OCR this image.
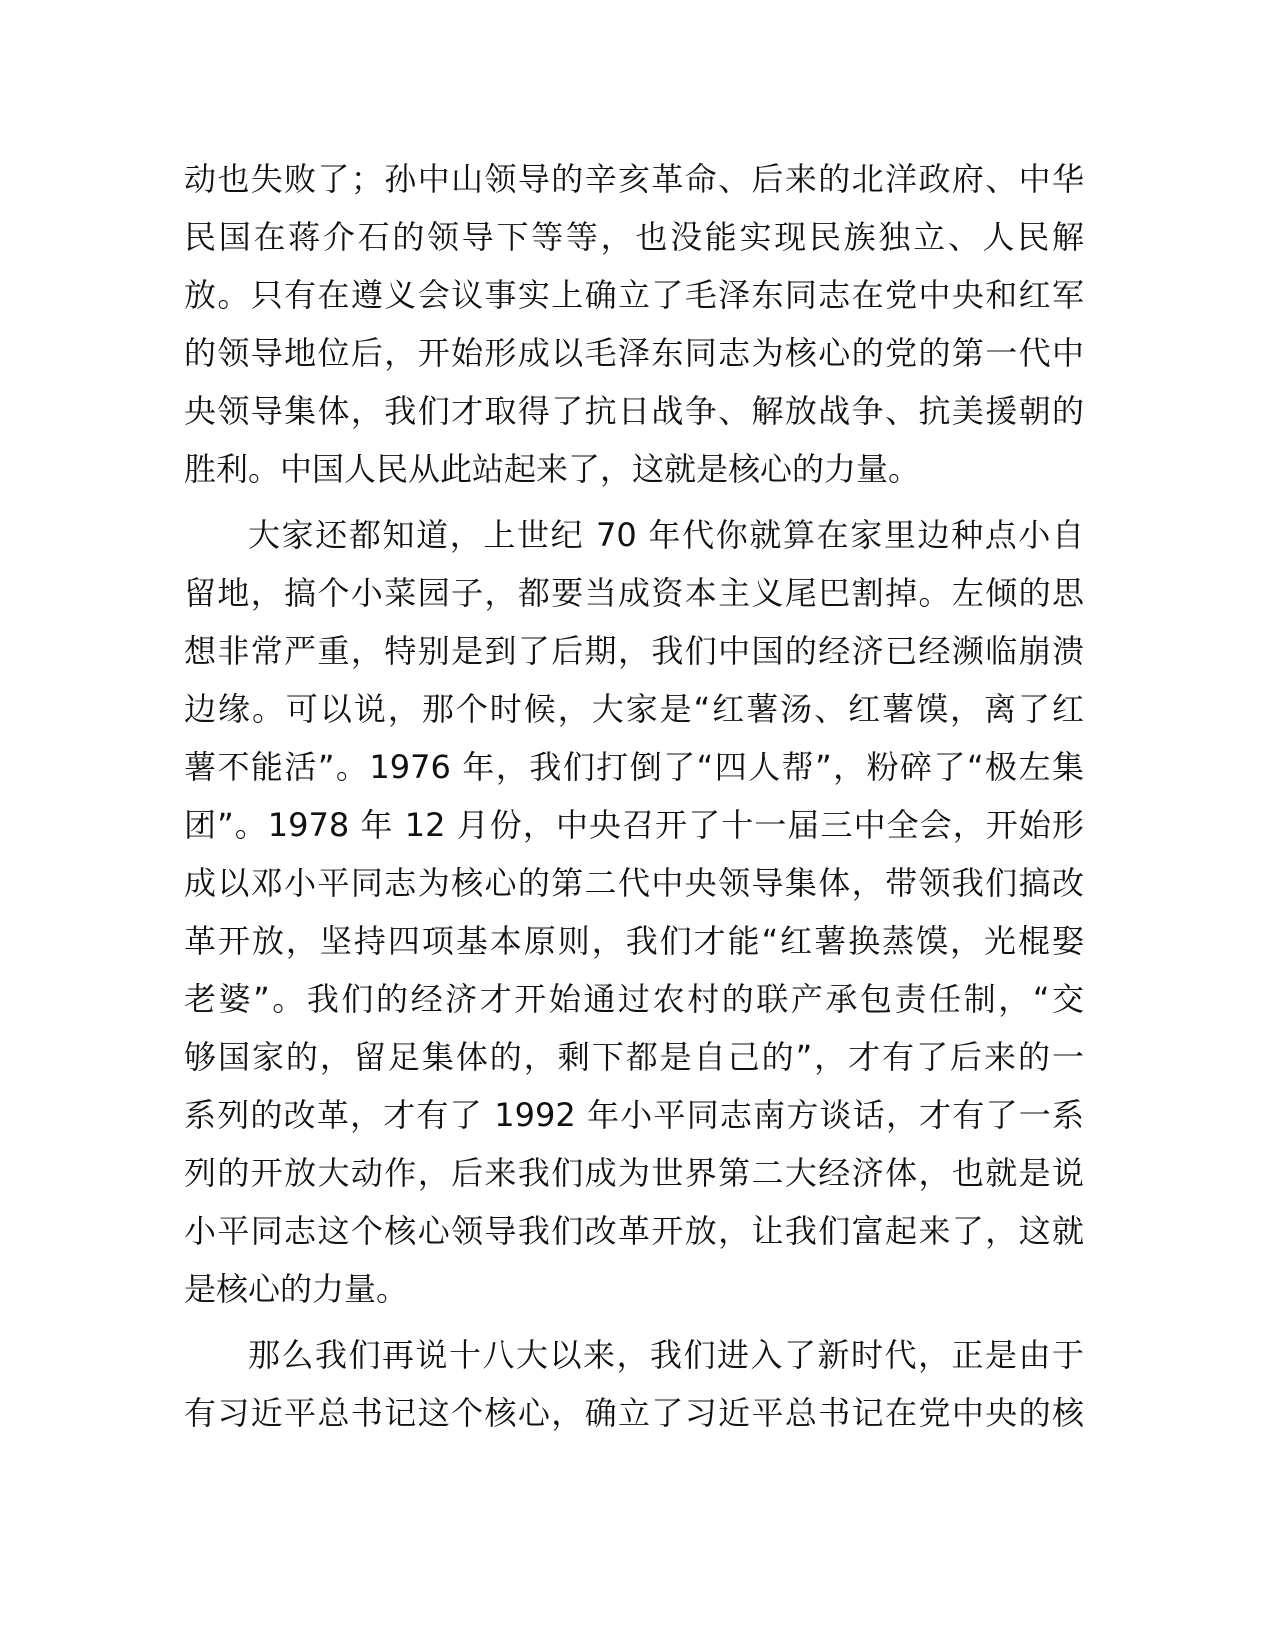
动也失败了；孙中山领导的辛亥革命、后来的北洋政府、中华
民国在蒋介石的领导下等等，也没能实现民族独立、人民解
放。只有在遵义会议事实上确立了毛泽东同志在党中央和红军
的领导地位后，开始形成以毛泽东同志为核心的党的第一代中
央领导集体，我们才取得了抗日战争、解放战争、抗美援朝的
胜利。中国人民从此站起来了，这就是核心的力量。
大家还都知道，上世纪 70 年代你就算在家里边种点小自
留地，搞个小菜园子，都要当成资本主义尾巴割掉。左倾的思
想非常严重，特别是到了后期，我们中国的经济已经濒临崩溃
边缘。可以说，那个时候，大家是“红薯汤、红薯馍，离了红
薯不能活”。1976 年，我们打倒了“四人帮”，粉碎了“极左集
团”。1978 年 12 月份，中央召开了十一届三中全会，开始形
成以邓小平同志为核心的第二代中央领导集体，带领我们搞改
革开放，坚持四项基本原则，我们才能“红薯换蒸馍，光棍娶
老婆”。我们的经济才开始通过农村的联产承包责任制，“交
够国家的，留足集体的，剩下都是自己的”，才有了后来的一
系列的改革，才有了 1992 年小平同志南方谈话，才有了一系
列的开放大动作，后来我们成为世界第二大经济体，也就是说
小平同志这个核心领导我们改革开放，让我们富起来了，这就
是核心的力量。
那么我们再说十八大以来，我们进入了新时代，正是由于
有习近平总书记这个核心，确立了习近平总书记在党中央的核
